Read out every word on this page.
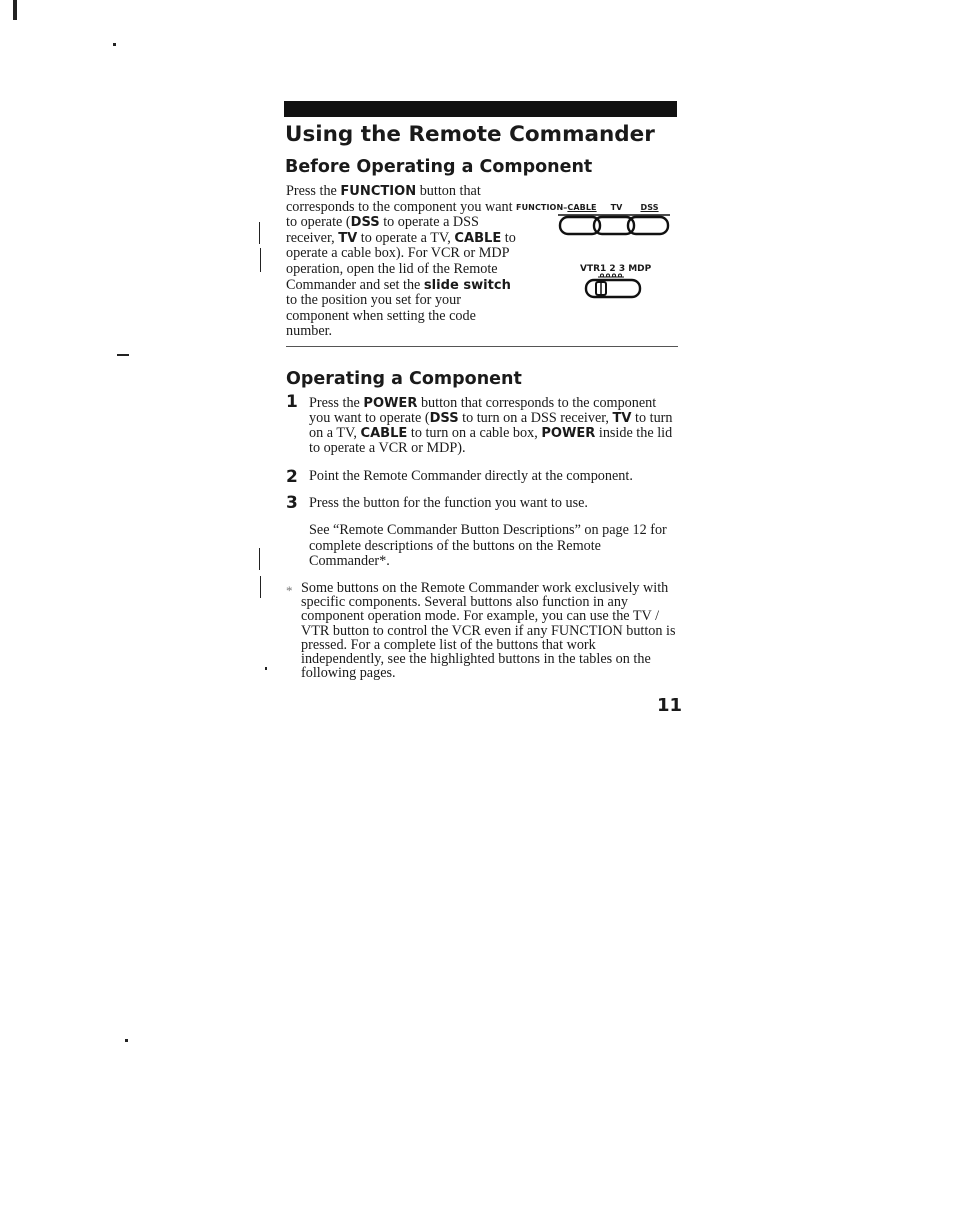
Using the Remote Commander
Before Operating a Component

Press the FUNCTION button that corresponds to the component you want to operate (DSS to operate a DSS receiver, TV to operate a TV, CABLE to operate a cable box). For VCR or MDP operation, open the lid of the Remote Commander and set the slide switch to the position you set for your component when setting the code number.

FUNCTION–CABLE TV DSS
VTR1 2 3 MDP
Operating a Component
1 Press the POWER button that corresponds to the component you want to operate (DSS to turn on a DSS receiver, TV to turn on a TV, CABLE to turn on a cable box, POWER inside the lid to operate a VCR or MDP).
2 Point the Remote Commander directly at the component.
3 Press the button for the function you want to use.
See “Remote Commander Button Descriptions” on page 12 for complete descriptions of the buttons on the Remote Commander*.
* Some buttons on the Remote Commander work exclusively with specific components. Several buttons also function in any component operation mode. For example, you can use the TV / VTR button to control the VCR even if any FUNCTION button is pressed. For a complete list of the buttons that work independently, see the highlighted buttons in the tables on the following pages.
11
